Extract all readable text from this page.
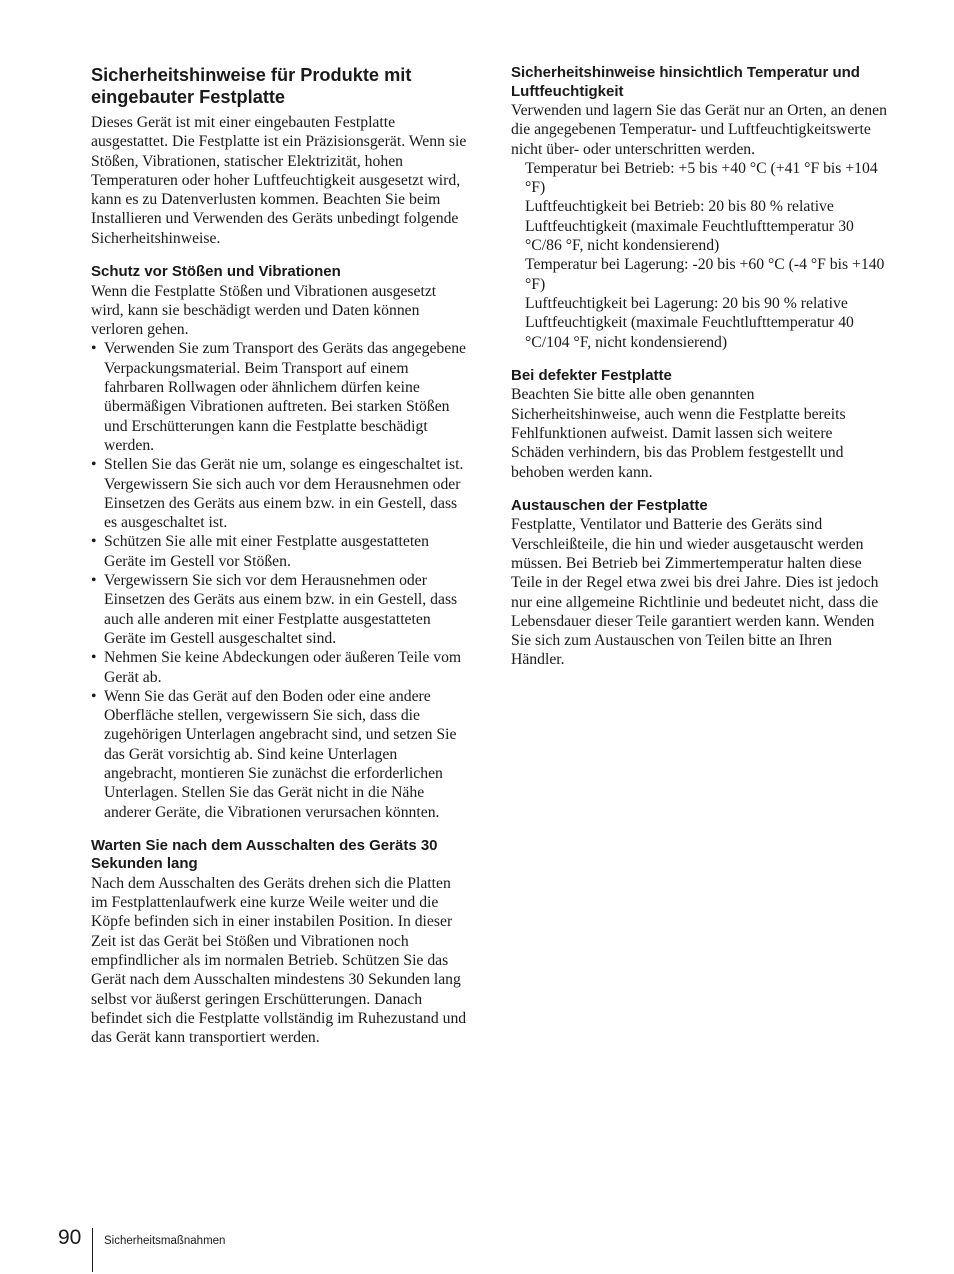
Sicherheitshinweise für Produkte mit eingebauter Festplatte

Dieses Gerät ist mit einer eingebauten Festplatte ausgestattet. Die Festplatte ist ein Präzisionsgerät. Wenn sie Stößen, Vibrationen, statischer Elektrizität, hohen Temperaturen oder hoher Luftfeuchtigkeit ausgesetzt wird, kann es zu Datenverlusten kommen. Beachten Sie beim Installieren und Verwenden des Geräts unbedingt folgende Sicherheitshinweise.

Schutz vor Stößen und Vibrationen

Wenn die Festplatte Stößen und Vibrationen ausgesetzt wird, kann sie beschädigt werden und Daten können verloren gehen.

• Verwenden Sie zum Transport des Geräts das angegebene Verpackungsmaterial. Beim Transport auf einem fahrbaren Rollwagen oder ähnlichem dürfen keine übermäßigen Vibrationen auftreten. Bei starken Stößen und Erschütterungen kann die Festplatte beschädigt werden.
• Stellen Sie das Gerät nie um, solange es eingeschaltet ist. Vergewissern Sie sich auch vor dem Herausnehmen oder Einsetzen des Geräts aus einem bzw. in ein Gestell, dass es ausgeschaltet ist.
• Schützen Sie alle mit einer Festplatte ausgestatteten Geräte im Gestell vor Stößen.
• Vergewissern Sie sich vor dem Herausnehmen oder Einsetzen des Geräts aus einem bzw. in ein Gestell, dass auch alle anderen mit einer Festplatte ausgestatteten Geräte im Gestell ausgeschaltet sind.
• Nehmen Sie keine Abdeckungen oder äußeren Teile vom Gerät ab.
• Wenn Sie das Gerät auf den Boden oder eine andere Oberfläche stellen, vergewissern Sie sich, dass die zugehörigen Unterlagen angebracht sind, und setzen Sie das Gerät vorsichtig ab. Sind keine Unterlagen angebracht, montieren Sie zunächst die erforderlichen Unterlagen. Stellen Sie das Gerät nicht in die Nähe anderer Geräte, die Vibrationen verursachen könnten.
Warten Sie nach dem Ausschalten des Geräts 30 Sekunden lang

Nach dem Ausschalten des Geräts drehen sich die Platten im Festplattenlaufwerk eine kurze Weile weiter und die Köpfe befinden sich in einer instabilen Position. In dieser Zeit ist das Gerät bei Stößen und Vibrationen noch empfindlicher als im normalen Betrieb. Schützen Sie das Gerät nach dem Ausschalten mindestens 30 Sekunden lang selbst vor äußerst geringen Erschütterungen. Danach befindet sich die Festplatte vollständig im Ruhezustand und das Gerät kann transportiert werden.

Sicherheitshinweise hinsichtlich Temperatur und Luftfeuchtigkeit

Verwenden und lagern Sie das Gerät nur an Orten, an denen die angegebenen Temperatur- und Luftfeuchtigkeitswerte nicht über- oder unterschritten werden.

Temperatur bei Betrieb: +5 bis +40 °C (+41 °F bis +104 °F)
Luftfeuchtigkeit bei Betrieb: 20 bis 80 % relative Luftfeuchtigkeit (maximale Feuchtlufttemperatur 30 °C/86 °F, nicht kondensierend)
Temperatur bei Lagerung: -20 bis +60 °C (-4 °F bis +140 °F)
Luftfeuchtigkeit bei Lagerung: 20 bis 90 % relative Luftfeuchtigkeit (maximale Feuchtlufttemperatur 40 °C/104 °F, nicht kondensierend)
Bei defekter Festplatte

Beachten Sie bitte alle oben genannten Sicherheitshinweise, auch wenn die Festplatte bereits Fehlfunktionen aufweist. Damit lassen sich weitere Schäden verhindern, bis das Problem festgestellt und behoben werden kann.

Austauschen der Festplatte

Festplatte, Ventilator und Batterie des Geräts sind Verschleißteile, die hin und wieder ausgetauscht werden müssen. Bei Betrieb bei Zimmertemperatur halten diese Teile in der Regel etwa zwei bis drei Jahre. Dies ist jedoch nur eine allgemeine Richtlinie und bedeutet nicht, dass die Lebensdauer dieser Teile garantiert werden kann. Wenden Sie sich zum Austauschen von Teilen bitte an Ihren Händler.

90 Sicherheitsmaßnahmen
